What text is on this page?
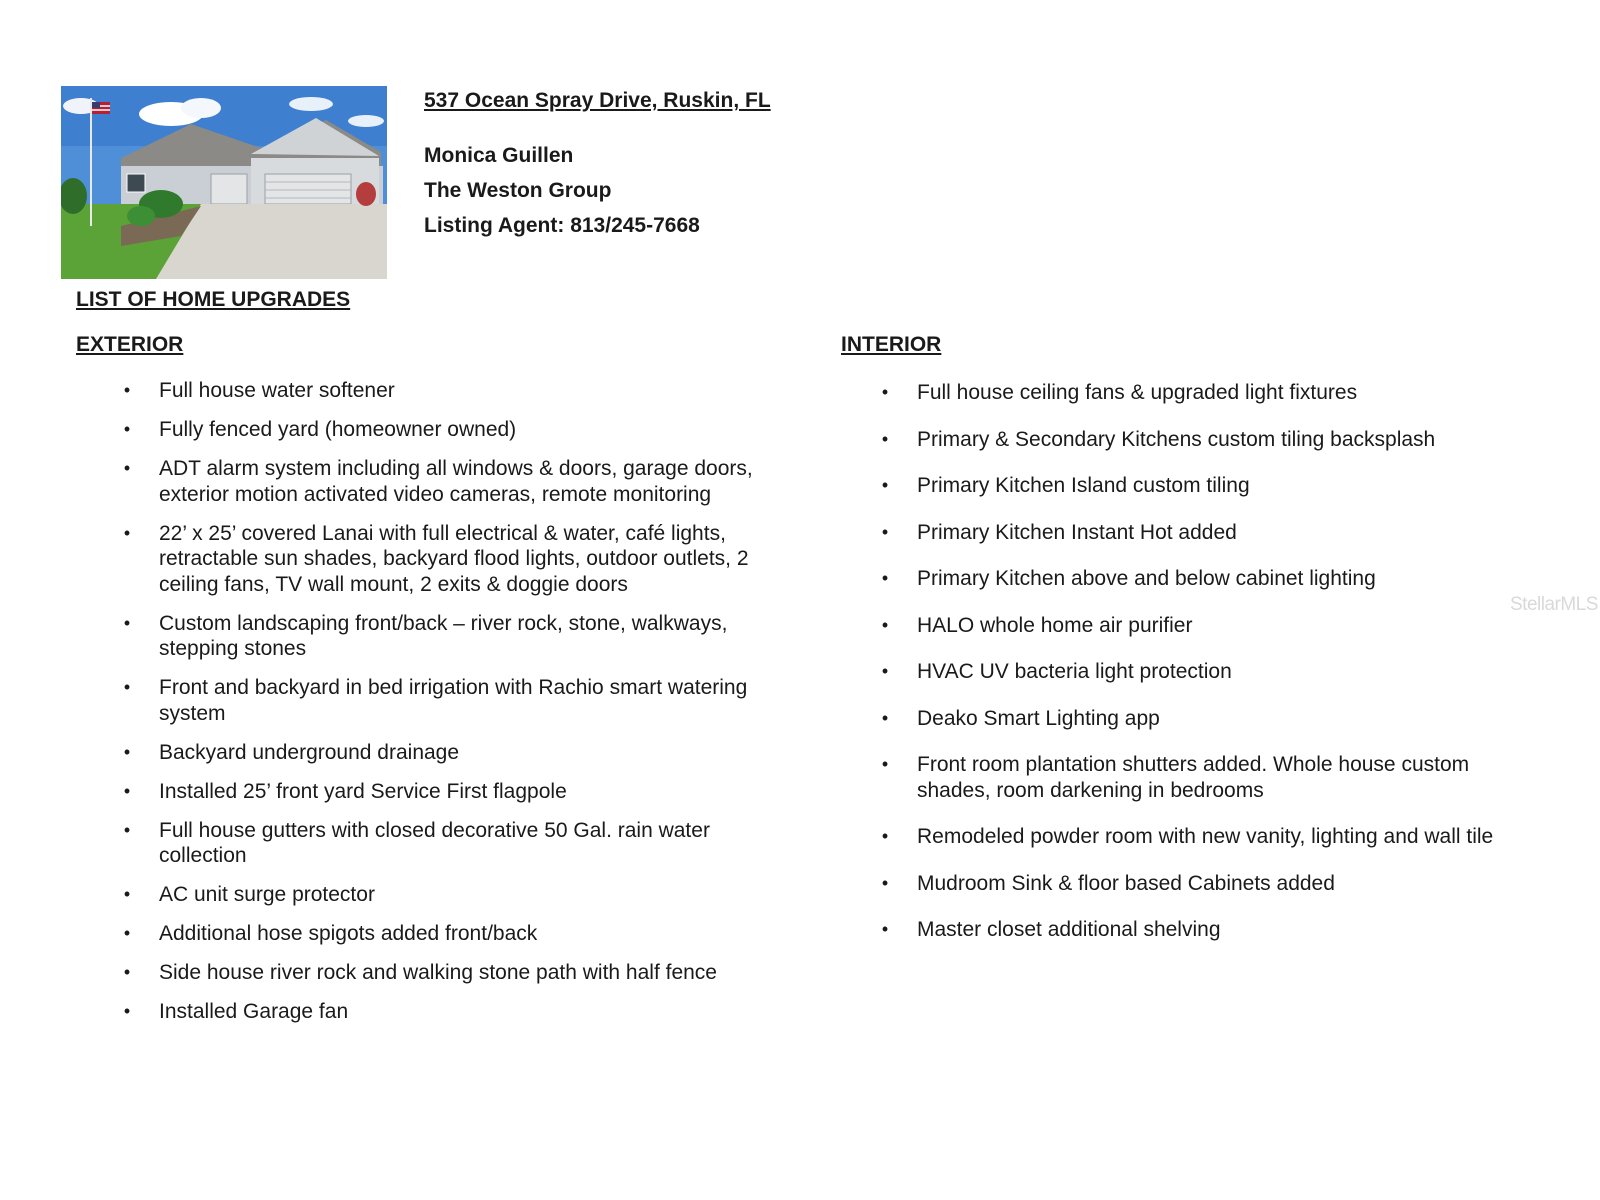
537 Ocean Spray Drive, Ruskin, FL
Monica Guillen
The Weston Group
Listing Agent: 813/245-7668
LIST OF HOME UPGRADES
EXTERIOR	INTERIOR
•	Full house water softener
•	Fully fenced yard (homeowner owned)
•	ADT alarm system including all windows & doors, garage doors, exterior motion activated video cameras, remote monitoring
•	22’ x 25’ covered Lanai with full electrical & water, café lights, retractable sun shades, backyard flood lights, outdoor outlets, 2 ceiling fans, TV wall mount, 2 exits & doggie doors
•	Custom landscaping front/back – river rock, stone, walkways, stepping stones
•	Front and backyard in bed irrigation with Rachio smart watering system
•	Backyard underground drainage
•	Installed 25’ front yard Service First flagpole
•	Full house gutters with closed decorative 50 Gal. rain water collection
•	AC unit surge protector
•	Additional hose spigots added front/back
•	Side house river rock and walking stone path with half fence
•	Installed Garage fan
•	Full house ceiling fans & upgraded light fixtures
•	Primary & Secondary Kitchens custom tiling backsplash
•	Primary Kitchen Island custom tiling
•	Primary Kitchen Instant Hot added
•	Primary Kitchen above and below cabinet lighting
•	HALO whole home air purifier
•	HVAC UV bacteria light protection
•	Deako Smart Lighting app
•	Front room plantation shutters added. Whole house custom shades, room darkening in bedrooms
•	Remodeled powder room with new vanity, lighting and wall tile
•	Mudroom Sink & floor based Cabinets added
•	Master closet additional shelving
StellarMLS
